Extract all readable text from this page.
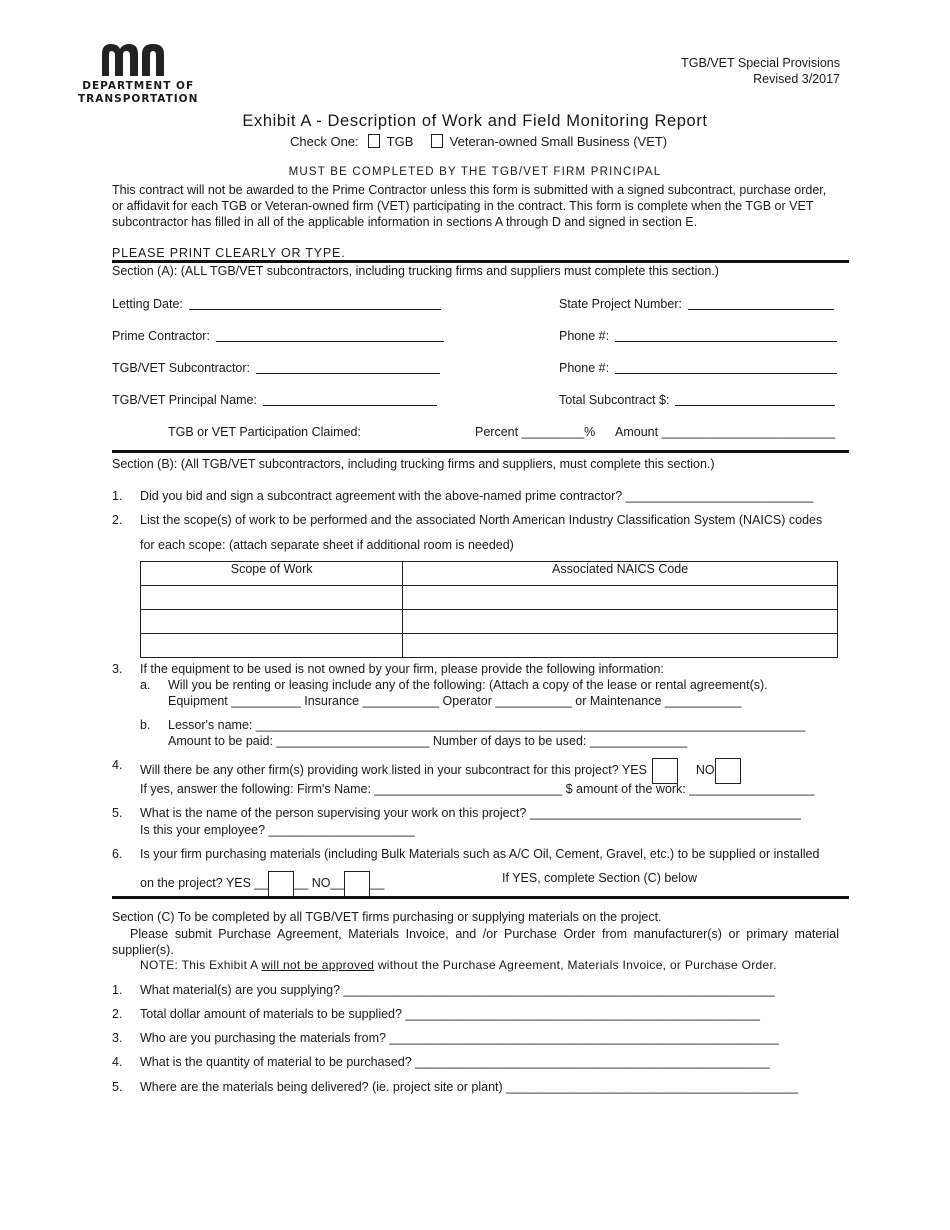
DEPARTMENT OF
TRANSPORTATION
TGB/VET Special Provisions
Revised 3/2017
Exhibit A - Description of Work and Field Monitoring Report
Check One: TGB	Veteran-owned Small Business (VET)
MUST BE COMPLETED BY THE TGB/VET FIRM PRINCIPAL
This contract will not be awarded to the Prime Contractor unless this form is submitted with a signed subcontract, purchase order, or affidavit for each TGB or Veteran-owned firm (VET) participating in the contract. This form is complete when the TGB or VET subcontractor has filled in all of the applicable information in sections A through D and signed in section E.
PLEASE PRINT CLEARLY OR TYPE.
Section (A): (ALL TGB/VET subcontractors, including trucking firms and suppliers must complete this section.)
Letting Date:	State Project Number:
Prime Contractor:	Phone #:
TGB/VET Subcontractor:	Phone #:
TGB/VET Principal Name:	Total Subcontract $:
TGB or VET Participation Claimed:	Percent _________% Amount _________________________
Section (B): (All TGB/VET subcontractors, including trucking firms and suppliers, must complete this section.)
1. Did you bid and sign a subcontract agreement with the above-named prime contractor? ___________________________
2. List the scope(s) of work to be performed and the associated North American Industry Classification System (NAICS) codes
for each scope: (attach separate sheet if additional room is needed)
Scope of Work	Associated NAICS Code

3. If the equipment to be used is not owned by your firm, please provide the following information:
a. Will you be renting or leasing include any of the following: (Attach a copy of the lease or rental agreement(s).
Equipment __________ Insurance ___________ Operator ___________ or Maintenance ___________
b. Lessor's name: _______________________________________________________________________________
Amount to be paid: ______________________ Number of days to be used: ______________
4. Will there be any other firm(s) providing work listed in your subcontract for this project? YES	NO
If yes, answer the following: Firm's Name: ___________________________ $ amount of the work: __________________
5. What is the name of the person supervising your work on this project? _______________________________________
Is this your employee? _____________________
6. Is your firm purchasing materials (including Bulk Materials such as A/C Oil, Cement, Gravel, etc.) to be supplied or installed
on the project? YES __ __ NO__ __	If YES, complete Section (C) below
Section (C) To be completed by all TGB/VET firms purchasing or supplying materials on the project.
Please submit Purchase Agreement, Materials Invoice, and /or Purchase Order from manufacturer(s) or primary material supplier(s).
NOTE: This Exhibit A will not be approved without the Purchase Agreement, Materials Invoice, or Purchase Order.
1. What material(s) are you supplying? ______________________________________________________________
2. Total dollar amount of materials to be supplied? ___________________________________________________
3. Who are you purchasing the materials from? ________________________________________________________
4. What is the quantity of material to be purchased? ___________________________________________________
5. Where are the materials being delivered? (ie. project site or plant) __________________________________________
